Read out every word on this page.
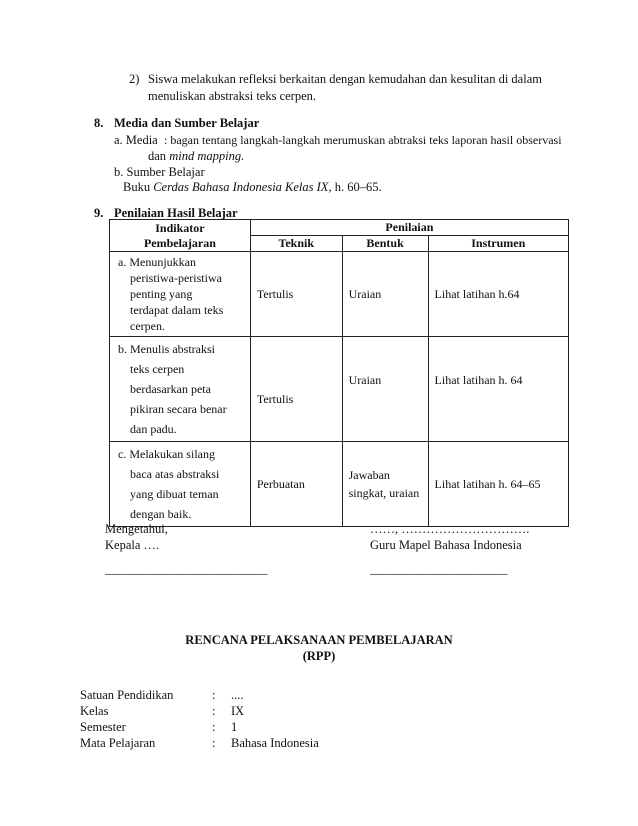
2) Siswa melakukan refleksi berkaitan dengan kemudahan dan kesulitan di dalam
menuliskan abstraksi teks cerpen.
8. Media dan Sumber Belajar
a. Media : bagan tentang langkah-langkah merumuskan abtraksi teks laporan hasil observasi
dan mind mapping.
b. Sumber Belajar
Buku Cerdas Bahasa Indonesia Kelas IX, h. 60–65.
9. Penilaian Hasil Belajar
Indikator
Pembelajaran	Penilaian		
	Teknik	Bentuk	Instrumen

a. Menunjukkan
peristiwa-peristiwa
penting yang
terdapat dalam teks
cerpen.	Tertulis	Uraian	Lihat latihan h.64

b. Menulis abstraksi
teks cerpen
berdasarkan peta
pikiran secara benar
dan padu.	Tertulis	Uraian	Lihat latihan h. 64

c. Melakukan silang
baca atas abstraksi
yang dibuat teman
dengan baik.	Perbuatan	Jawaban
singkat, uraian	Lihat latihan h. 64–65
Mengetahui,
Kepala ….
__________________________
……, ………………………….
Guru Mapel Bahasa Indonesia
______________________
RENCANA PELAKSANAAN PEMBELAJARAN
(RPP)
Satuan Pendidikan	: ....
Kelas	: IX
Semester	: 1
Mata Pelajaran	: Bahasa Indonesia
